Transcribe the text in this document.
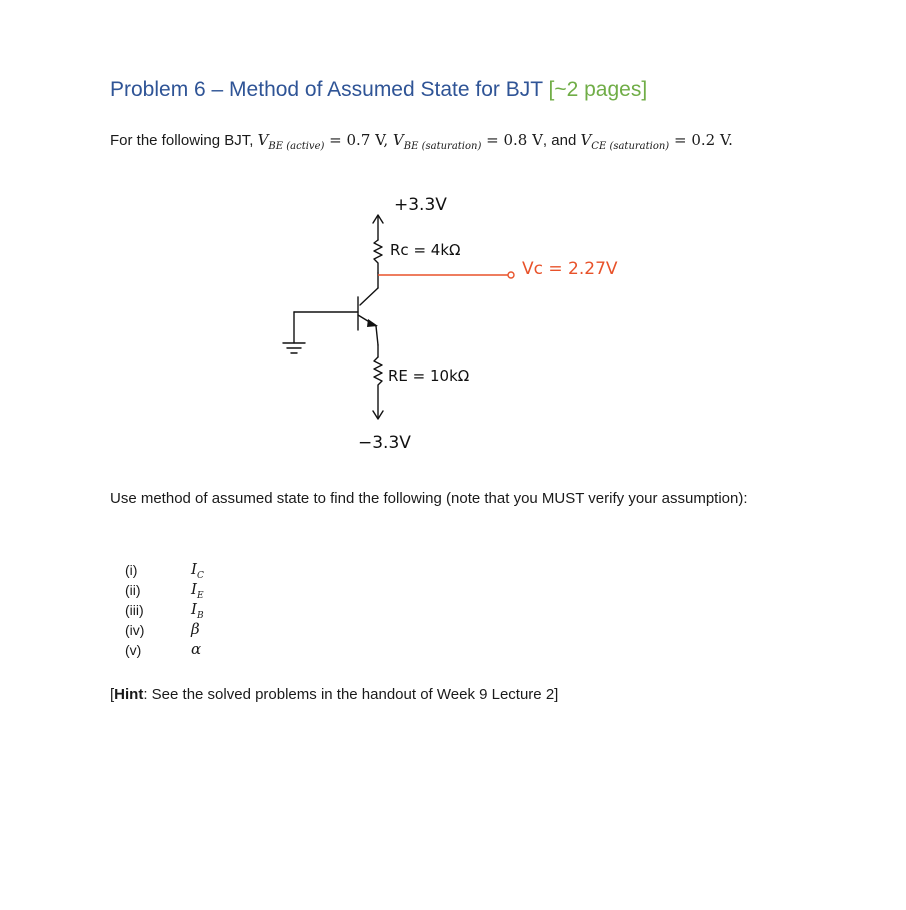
Problem 6 – Method of Assumed State for BJT [~2 pages]
For the following BJT, $V_{BE (active)} = 0.7$ V, $V_{BE (saturation)} = 0.8$ V, and $V_{CE (saturation)} = 0.2$ V.
+3.3V
Rc = 4kΩ
Vc = 2.27V
RE = 10kΩ
−3.3V
Use method of assumed state to find the following (note that you MUST verify your assumption):
(i)	$I_C$
(ii)	$I_E$
(iii)	$I_B$
(iv)	β
(v)	α
[Hint: See the solved problems in the handout of Week 9 Lecture 2]
